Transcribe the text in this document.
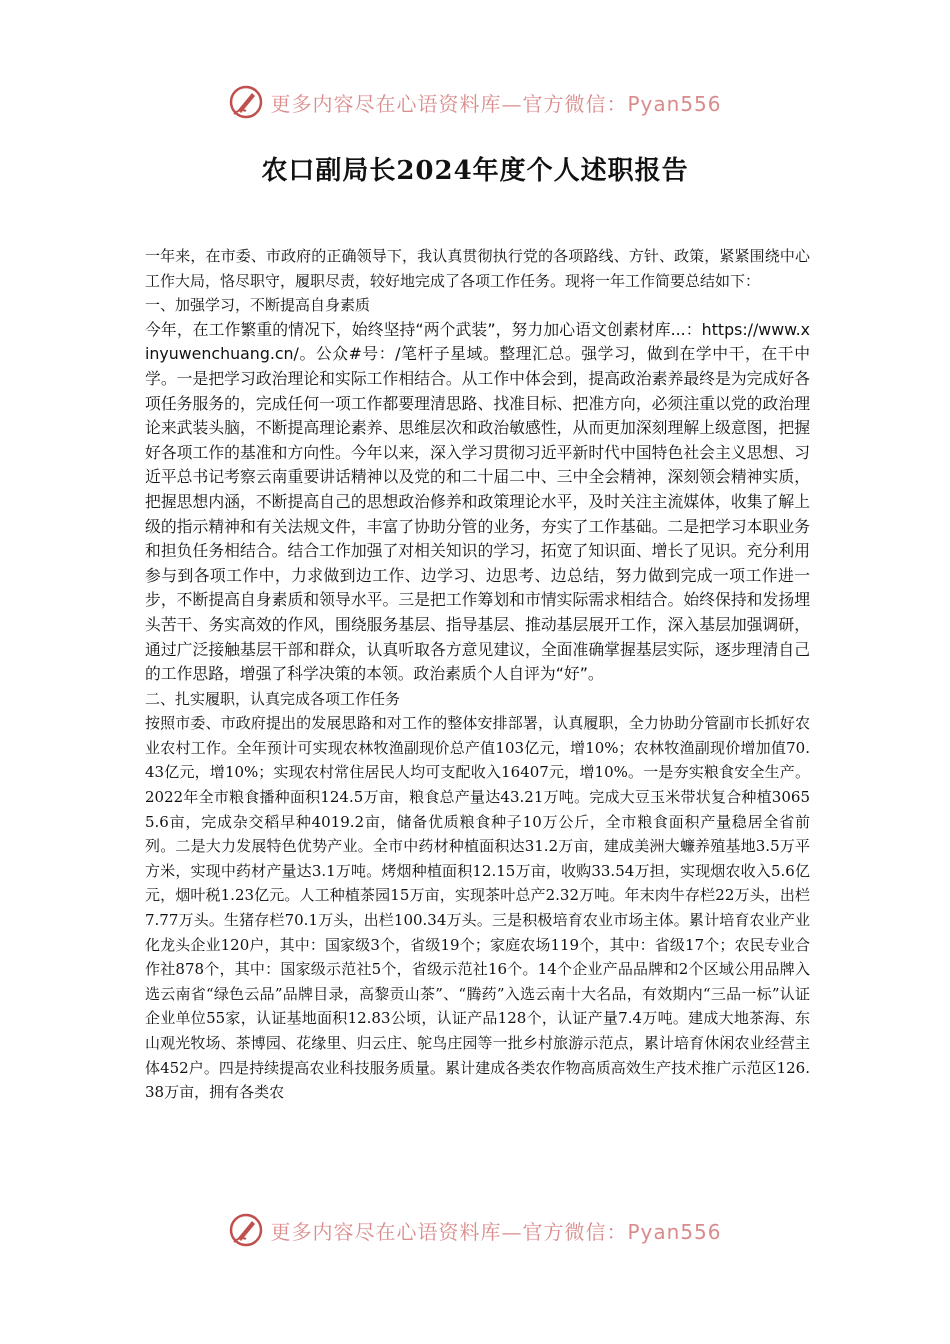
更多内容尽在心语资料库—官方微信：Pyan556
农口副局长2024年度个人述职报告

一年来，在市委、市政府的正确领导下，我认真贯彻执行党的各项路线、方针、政策，紧紧围绕中心工作大局，恪尽职守，履职尽责，较好地完成了各项工作任务。现将一年工作简要总结如下：

一、加强学习，不断提高自身素质

今年，在工作繁重的情况下，始终坚持“两个武装”，努力加心语文创素材库...：https://www.xinyuwenchuang.cn/。公众#号：/笔杆子星域。整理汇总。强学习，做到在学中干，在干中学。一是把学习政治理论和实际工作相结合。从工作中体会到，提高政治素养最终是为完成好各项任务服务的，完成任何一项工作都要理清思路、找准目标、把准方向，必须注重以党的政治理论来武装头脑，不断提高理论素养、思维层次和政治敏感性，从而更加深刻理解上级意图，把握好各项工作的基准和方向性。今年以来，深入学习贯彻习近平新时代中国特色社会主义思想、习近平总书记考察云南重要讲话精神以及党的和二十届二中、三中全会精神，深刻领会精神实质，把握思想内涵，不断提高自己的思想政治修养和政策理论水平，及时关注主流媒体，收集了解上级的指示精神和有关法规文件，丰富了协助分管的业务，夯实了工作基础。二是把学习本职业务和担负任务相结合。结合工作加强了对相关知识的学习，拓宽了知识面、增长了见识。充分利用参与到各项工作中，力求做到边工作、边学习、边思考、边总结，努力做到完成一项工作进一步，不断提高自身素质和领导水平。三是把工作筹划和市情实际需求相结合。始终保持和发扬埋头苦干、务实高效的作风，围绕服务基层、指导基层、推动基层展开工作，深入基层加强调研，通过广泛接触基层干部和群众，认真听取各方意见建议，全面准确掌握基层实际，逐步理清自己的工作思路，增强了科学决策的本领。政治素质个人自评为“好”。

二、扎实履职，认真完成各项工作任务

按照市委、市政府提出的发展思路和对工作的整体安排部署，认真履职，全力协助分管副市长抓好农业农村工作。全年预计可实现农林牧渔副现价总产值103亿元，增10%；农林牧渔副现价增加值70.43亿元，增10%；实现农村常住居民人均可支配收入16407元，增10%。一是夯实粮食安全生产。2022年全市粮食播种面积124.5万亩，粮食总产量达43.21万吨。完成大豆玉米带状复合种植30655.6亩，完成杂交稻早种4019.2亩，储备优质粮食种子10万公斤，全市粮食面积产量稳居全省前列。二是大力发展特色优势产业。全市中药材种植面积达31.2万亩，建成美洲大蠊养殖基地3.5万平方米，实现中药材产量达3.1万吨。烤烟种植面积12.15万亩，收购33.54万担，实现烟农收入5.6亿元，烟叶税1.23亿元。人工种植茶园15万亩，实现茶叶总产2.32万吨。年末肉牛存栏22万头，出栏7.77万头。生猪存栏70.1万头，出栏100.34万头。三是积极培育农业市场主体。累计培育农业产业化龙头企业120户，其中：国家级3个，省级19个；家庭农场119个，其中：省级17个；农民专业合作社878个，其中：国家级示范社5个，省级示范社16个。14个企业产品品牌和2个区域公用品牌入选云南省“绿色云品”品牌目录，高黎贡山茶”、“腾药”入选云南十大名品，有效期内“三品一标”认证企业单位55家，认证基地面积12.83公顷，认证产品128个，认证产量7.4万吨。建成大地茶海、东山观光牧场、茶博园、花缘里、归云庄、鸵鸟庄园等一批乡村旅游示范点，累计培育休闲农业经营主体452户。四是持续提高农业科技服务质量。累计建成各类农作物高质高效生产技术推广示范区126.38万亩，拥有各类农

更多内容尽在心语资料库—官方微信：Pyan556
